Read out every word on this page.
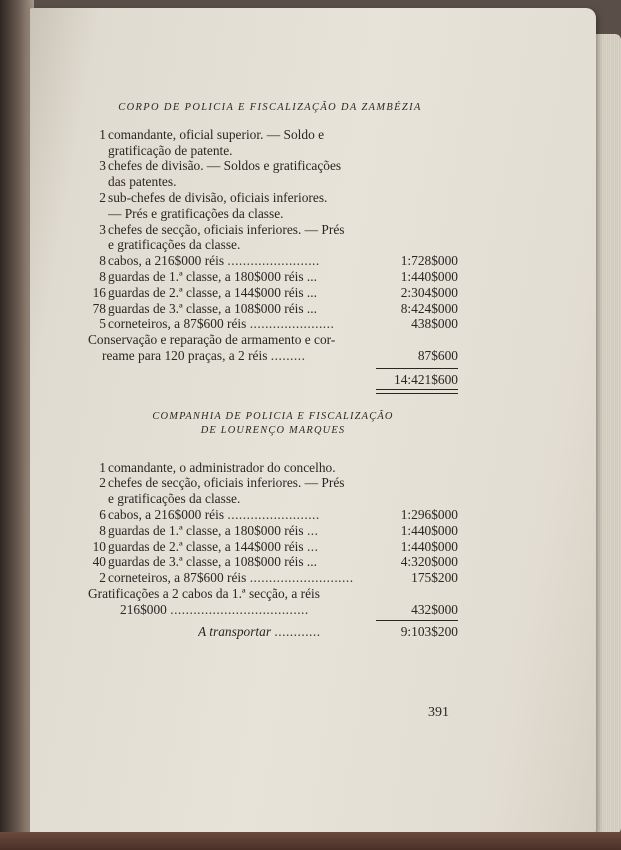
CORPO DE POLICIA E FISCALIZAÇÃO DA ZAMBÉZIA
1 comandante, oficial superior. — Soldo e
gratificação de patente.
3 chefes de divisão. — Soldos e gratificações
das patentes.
2 sub-chefes de divisão, oficiais inferiores.
— Prés e gratificações da classe.
3 chefes de secção, oficiais inferiores. — Prés
e gratificações da classe.
8 cabos, a 216$000 réis ........................	1:728$000
8 guardas de 1.ª classe, a 180$000 réis ...	1:440$000
16 guardas de 2.ª classe, a 144$000 réis ...	2:304$000
78 guardas de 3.ª classe, a 108$000 réis ...	8:424$000
5 corneteiros, a 87$600 réis ......................	438$000
Conservação e reparação de armamento e cor-
reame para 120 praças, a 2 réis .........	87$600
14:421$600
COMPANHIA DE POLICIA E FISCALIZAÇÃO
DE LOURENÇO MARQUES
1 comandante, o administrador do concelho.
2 chefes de secção, oficiais inferiores. — Prés
e gratificações da classe.
6 cabos, a 216$000 réis ........................	1:296$000
8 guardas de 1.ª classe, a 180$000 réis ...	1:440$000
10 guardas de 2.ª classe, a 144$000 réis ...	1:440$000
40 guardas de 3.ª classe, a 108$000 réis ...	4:320$000
2 corneteiros, a 87$600 réis ...........................	175$200
Gratificações a 2 cabos da 1.ª secção, a réis
216$000 ....................................	432$000
A transportar ............	9:103$200
391
